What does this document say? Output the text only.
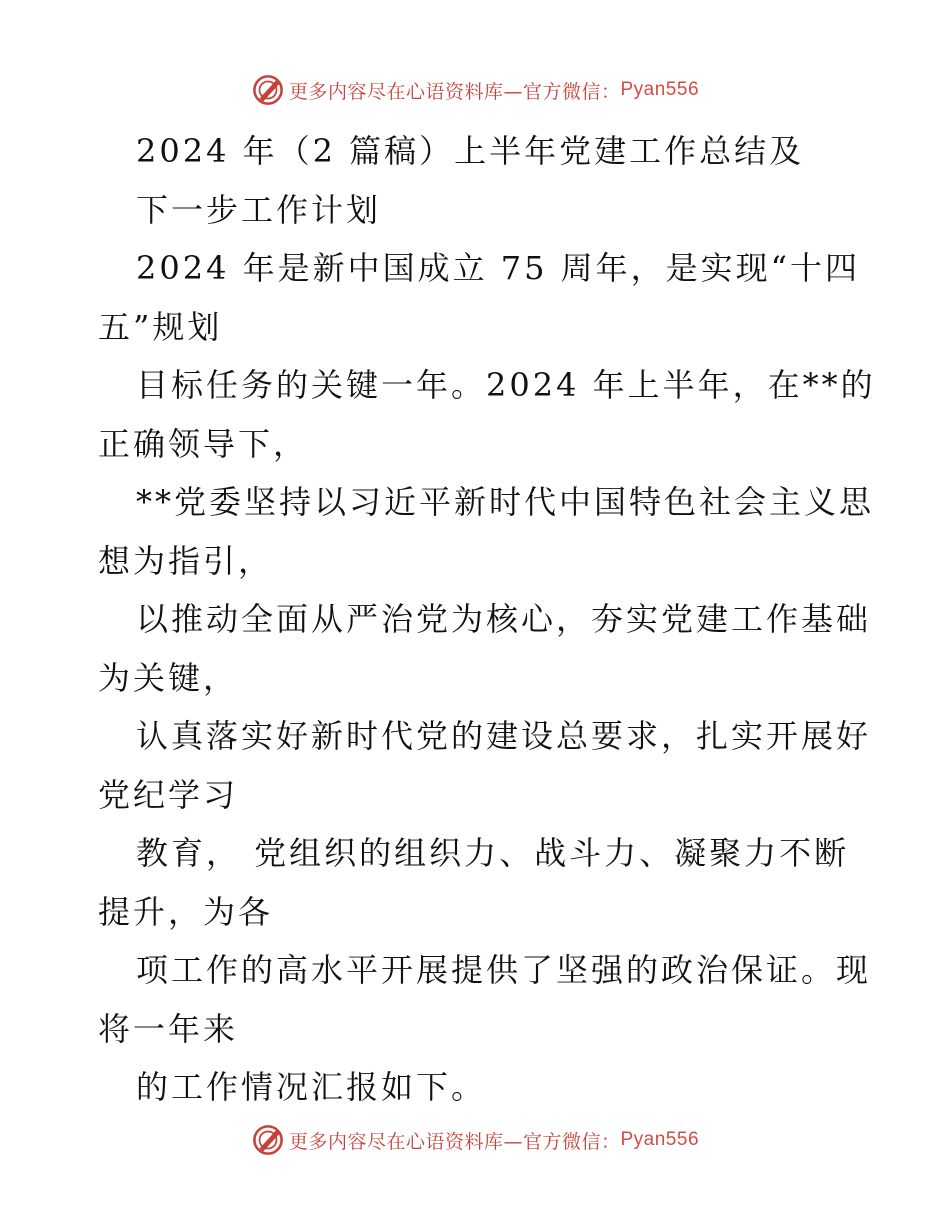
更多内容尽在心语资料库—官方微信： Pyan556
2024 年（2 篇稿）上半年党建工作总结及
下一步工作计划
2024 年是新中国成立 75 周年，是实现“十四
五”规划
目标任务的关键一年。2024 年上半年，在**的
正确领导下，
**党委坚持以习近平新时代中国特色社会主义思
想为指引，
以推动全面从严治党为核心，夯实党建工作基础
为关键，
认真落实好新时代党的建设总要求，扎实开展好
党纪学习
教育， 党组织的组织力、战斗力、凝聚力不断
提升，为各
项工作的高水平开展提供了坚强的政治保证。现
将一年来
的工作情况汇报如下。
更多内容尽在心语资料库—官方微信： Pyan556
